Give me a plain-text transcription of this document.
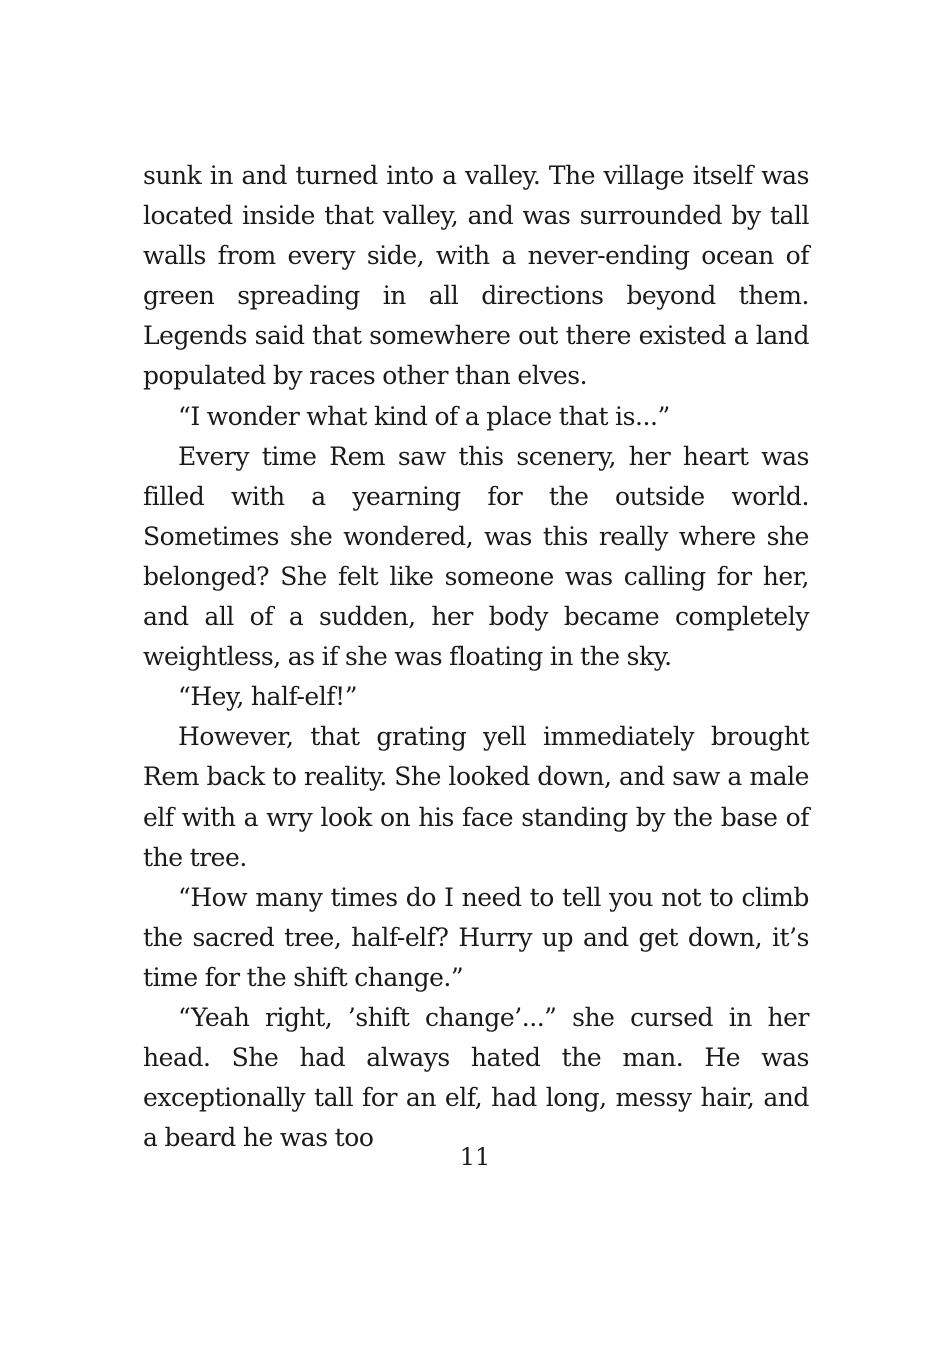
sunk in and turned into a valley. The village itself was located inside that valley, and was surrounded by tall walls from every side, with a never-ending ocean of green spreading in all directions beyond them. Legends said that somewhere out there existed a land populated by races other than elves.

“I wonder what kind of a place that is...”

Every time Rem saw this scenery, her heart was filled with a yearning for the outside world. Sometimes she wondered, was this really where she belonged? She felt like someone was calling for her, and all of a sudden, her body became completely weightless, as if she was floating in the sky.

“Hey, half-elf!”

However, that grating yell immediately brought Rem back to reality. She looked down, and saw a male elf with a wry look on his face standing by the base of the tree.

“How many times do I need to tell you not to climb the sacred tree, half-elf? Hurry up and get down, it’s time for the shift change.”

“Yeah right, ’shift change’...” she cursed in her head. She had always hated the man. He was exceptionally tall for an elf, had long, messy hair, and a beard he was too

11
